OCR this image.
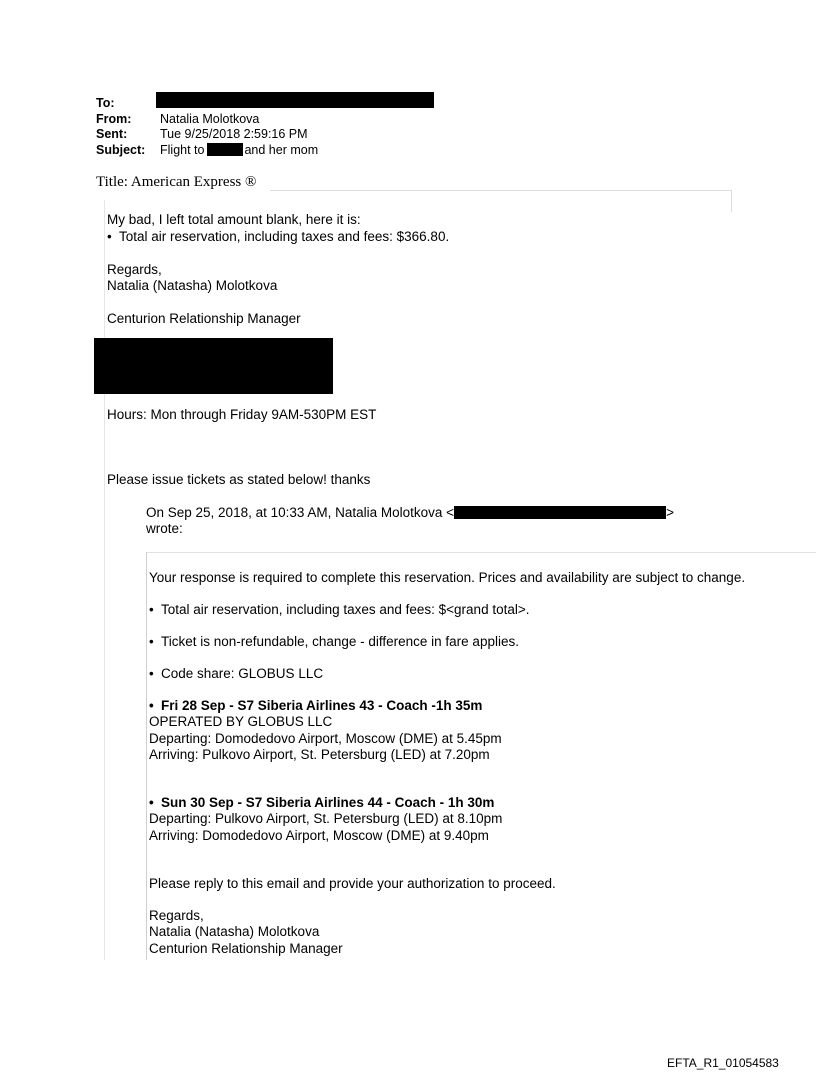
To:
From: Natalia Molotkova
Sent:	Tue 9/25/2018 2:59:16 PM
Subject: Flight to	and her mom
Title: American Express ®
My bad, I left total amount blank, here it is:
• Total air reservation, including taxes and fees: $366.80.
Regards,
Natalia (Natasha) Molotkova
Centurion Relationship Manager
Hours: Mon through Friday 9AM-530PM EST
Please issue tickets as stated below! thanks
On Sep 25, 2018, at 10:33 AM, Natalia Molotkova <	>
wrote:
Your response is required to complete this reservation. Prices and availability are subject to change.
• Total air reservation, including taxes and fees: $<grand total>.
• Ticket is non-refundable, change - difference in fare applies.
• Code share: GLOBUS LLC
• Fri 28 Sep - S7 Siberia Airlines 43 - Coach -1h 35m
OPERATED BY GLOBUS LLC
Departing: Domodedovo Airport, Moscow (DME) at 5.45pm
Arriving: Pulkovo Airport, St. Petersburg (LED) at 7.20pm
• Sun 30 Sep - S7 Siberia Airlines 44 - Coach - 1h 30m
Departing: Pulkovo Airport, St. Petersburg (LED) at 8.10pm
Arriving: Domodedovo Airport, Moscow (DME) at 9.40pm
Please reply to this email and provide your authorization to proceed.
Regards,
Natalia (Natasha) Molotkova
Centurion Relationship Manager
EFTA_R1_01054583
